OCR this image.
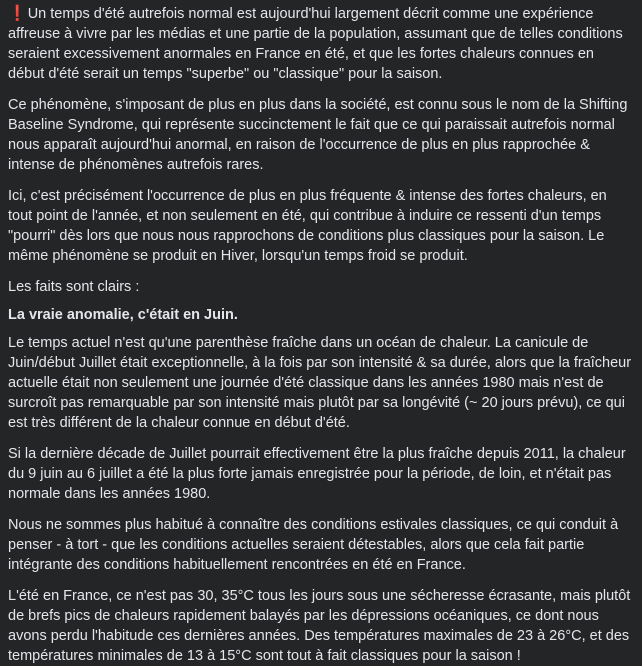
❗Un temps d'été autrefois normal est aujourd'hui largement décrit comme une expérience affreuse à vivre par les médias et une partie de la population, assumant que de telles conditions seraient excessivement anormales en France en été, et que les fortes chaleurs connues en début d'été serait un temps "superbe" ou "classique" pour la saison.

Ce phénomène, s'imposant de plus en plus dans la société, est connu sous le nom de la Shifting Baseline Syndrome, qui représente succinctement le fait que ce qui paraissait autrefois normal nous apparaît aujourd'hui anormal, en raison de l'occurrence de plus en plus rapprochée & intense de phénomènes autrefois rares.

Ici, c'est précisément l'occurrence de plus en plus fréquente & intense des fortes chaleurs, en tout point de l'année, et non seulement en été, qui contribue à induire ce ressenti d'un temps "pourri" dès lors que nous nous rapprochons de conditions plus classiques pour la saison. Le même phénomène se produit en Hiver, lorsqu'un temps froid se produit.

Les faits sont clairs :

La vraie anomalie, c'était en Juin.

Le temps actuel n'est qu'une parenthèse fraîche dans un océan de chaleur. La canicule de Juin/début Juillet était exceptionnelle, à la fois par son intensité & sa durée, alors que la fraîcheur actuelle était non seulement une journée d'été classique dans les années 1980 mais n'est de surcroît pas remarquable par son intensité mais plutôt par sa longévité (~ 20 jours prévu), ce qui est très différent de la chaleur connue en début d'été.

Si la dernière décade de Juillet pourrait effectivement être la plus fraîche depuis 2011, la chaleur du 9 juin au 6 juillet a été la plus forte jamais enregistrée pour la période, de loin, et n'était pas normale dans les années 1980.

Nous ne sommes plus habitué à connaître des conditions estivales classiques, ce qui conduit à penser - à tort - que les conditions actuelles seraient détestables, alors que cela fait partie intégrante des conditions habituellement rencontrées en été en France.

L'été en France, ce n'est pas 30, 35°C tous les jours sous une sécheresse écrasante, mais plutôt de brefs pics de chaleurs rapidement balayés par les dépressions océaniques, ce dont nous avons perdu l'habitude ces dernières années. Des températures maximales de 23 à 26°C, et des températures minimales de 13 à 15°C sont tout à fait classiques pour la saison !
